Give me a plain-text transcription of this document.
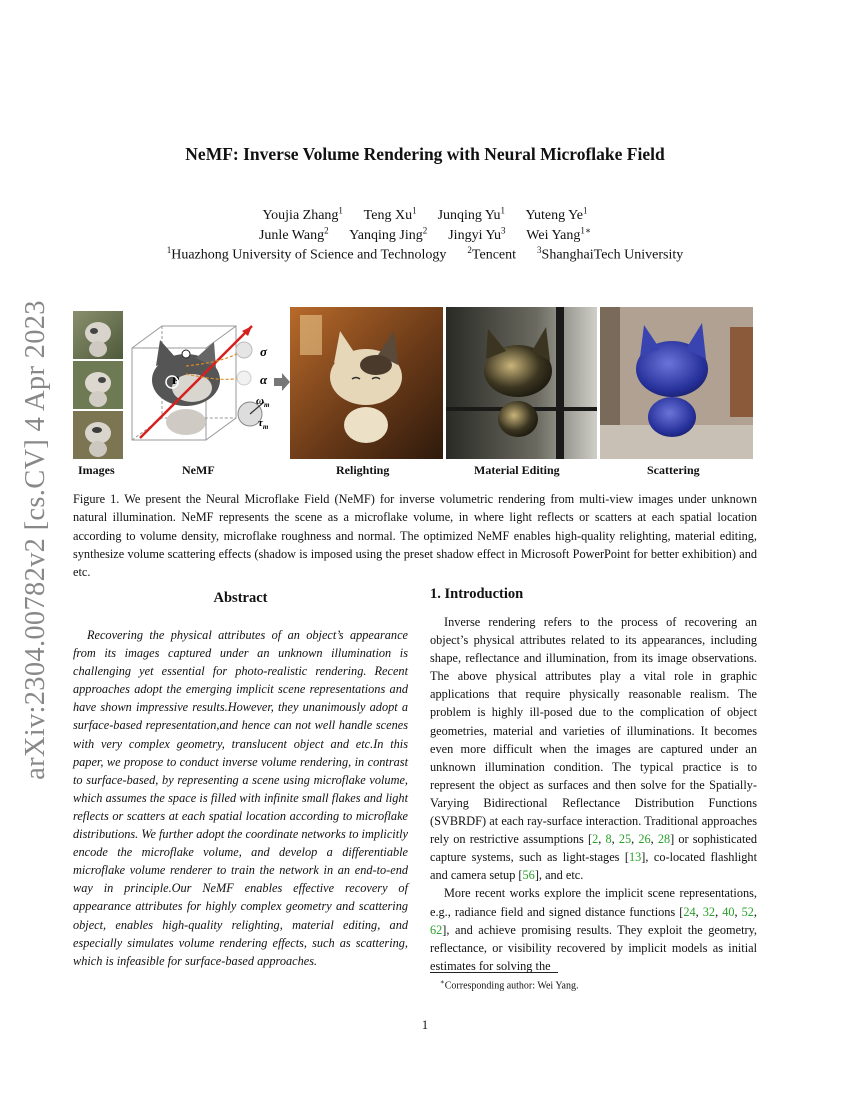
arXiv:2304.00782v2 [cs.CV] 4 Apr 2023
NeMF: Inverse Volume Rendering with Neural Microflake Field
Youjia Zhang$^1$ Teng Xu$^1$ Junqing Yu$^1$ Yuteng Ye$^1$
Junle Wang$^2$ Yanqing Jing$^2$ Jingyi Yu$^3$ Wei Yang$^{1∗}$
$^1$Huazhong University of Science and Technology $^2$Tencent $^3$ShanghaiTech University
P
σ
α
$\omega_m$
$\tau_m$
Images	NeMF	Relighting	Material Editing	Scattering
Figure 1. We present the Neural Microflake Field (NeMF) for inverse volumetric rendering from multi-view images under unknown natural illumination. NeMF represents the scene as a microflake volume, in where light reflects or scatters at each spatial location according to volume density, microflake roughness and normal. The optimized NeMF enables high-quality relighting, material editing, synthesize volume scattering effects (shadow is imposed using the preset shadow effect in Microsoft PowerPoint for better exhibition) and etc.
Abstract
Recovering the physical attributes of an object’s appearance from its images captured under an unknown illumination is challenging yet essential for photo-realistic rendering. Recent approaches adopt the emerging implicit scene representations and have shown impressive results.However, they unanimously adopt a surface-based representation,and hence can not well handle scenes with very complex geometry, translucent object and etc.In this paper, we propose to conduct inverse volume rendering, in contrast to surface-based, by representing a scene using microflake volume, which assumes the space is filled with infinite small flakes and light reflects or scatters at each spatial location according to microflake distributions. We further adopt the coordinate networks to implicitly encode the microflake volume, and develop a differentiable microflake volume renderer to train the network in an end-to-end way in principle.Our NeMF enables effective recovery of appearance attributes for highly complex geometry and scattering object, enables high-quality relighting, material editing, and especially simulates volume rendering effects, such as scattering, which is infeasible for surface-based approaches.
1. Introduction

Inverse rendering refers to the process of recovering an object’s physical attributes related to its appearances, including shape, reflectance and illumination, from its image observations. The above physical attributes play a vital role in graphic applications that require physically reasonable realism. The problem is highly ill-posed due to the complication of object geometries, material and varieties of illuminations. It becomes even more difficult when the images are captured under an unknown illumination condition. The typical practice is to represent the object as surfaces and then solve for the Spatially-Varying Bidirectional Reflectance Distribution Functions (SVBRDF) at each ray-surface interaction. Traditional approaches rely on restrictive assumptions [2, 8, 25, 26, 28] or sophisticated capture systems, such as light-stages [13], co-located flashlight and camera setup [56], and etc.

More recent works explore the implicit scene representations, e.g., radiance field and signed distance functions [24, 32, 40, 52, 62], and achieve promising results. They exploit the geometry, reflectance, or visibility recovered by implicit models as initial estimates for solving the

∗Corresponding author: Wei Yang.
1
